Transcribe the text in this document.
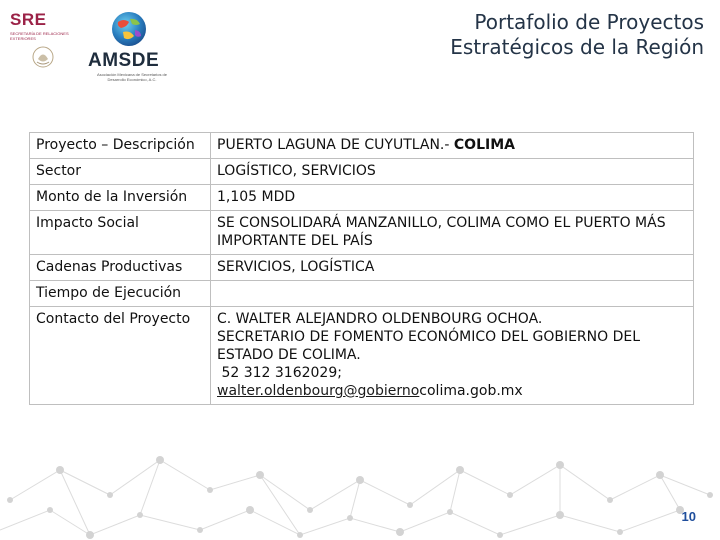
SRE
SECRETARÍA DE RELACIONES EXTERIORES
AMSDE
Asociación Mexicana de Secretarios de Desarrollo Económico, A.C.
Portafolio de Proyectos
Estratégicos de la Región
Proyecto – Descripción	PUERTO LAGUNA DE CUYUTLAN.- COLIMA
Sector	LOGÍSTICO, SERVICIOS
Monto de la Inversión	1,105 MDD
Impacto Social	SE CONSOLIDARÁ MANZANILLO, COLIMA COMO EL PUERTO MÁS IMPORTANTE DEL PAÍS
Cadenas Productivas	SERVICIOS, LOGÍSTICA
Tiempo de Ejecución	
Contacto del Proyecto	C. WALTER ALEJANDRO OLDENBOURG OCHOA.
SECRETARIO DE FOMENTO ECONÓMICO DEL GOBIERNO DEL ESTADO DE COLIMA.
52 312 3162029;
walter.oldenbourg@gobiernocolima.gob.mx
10
